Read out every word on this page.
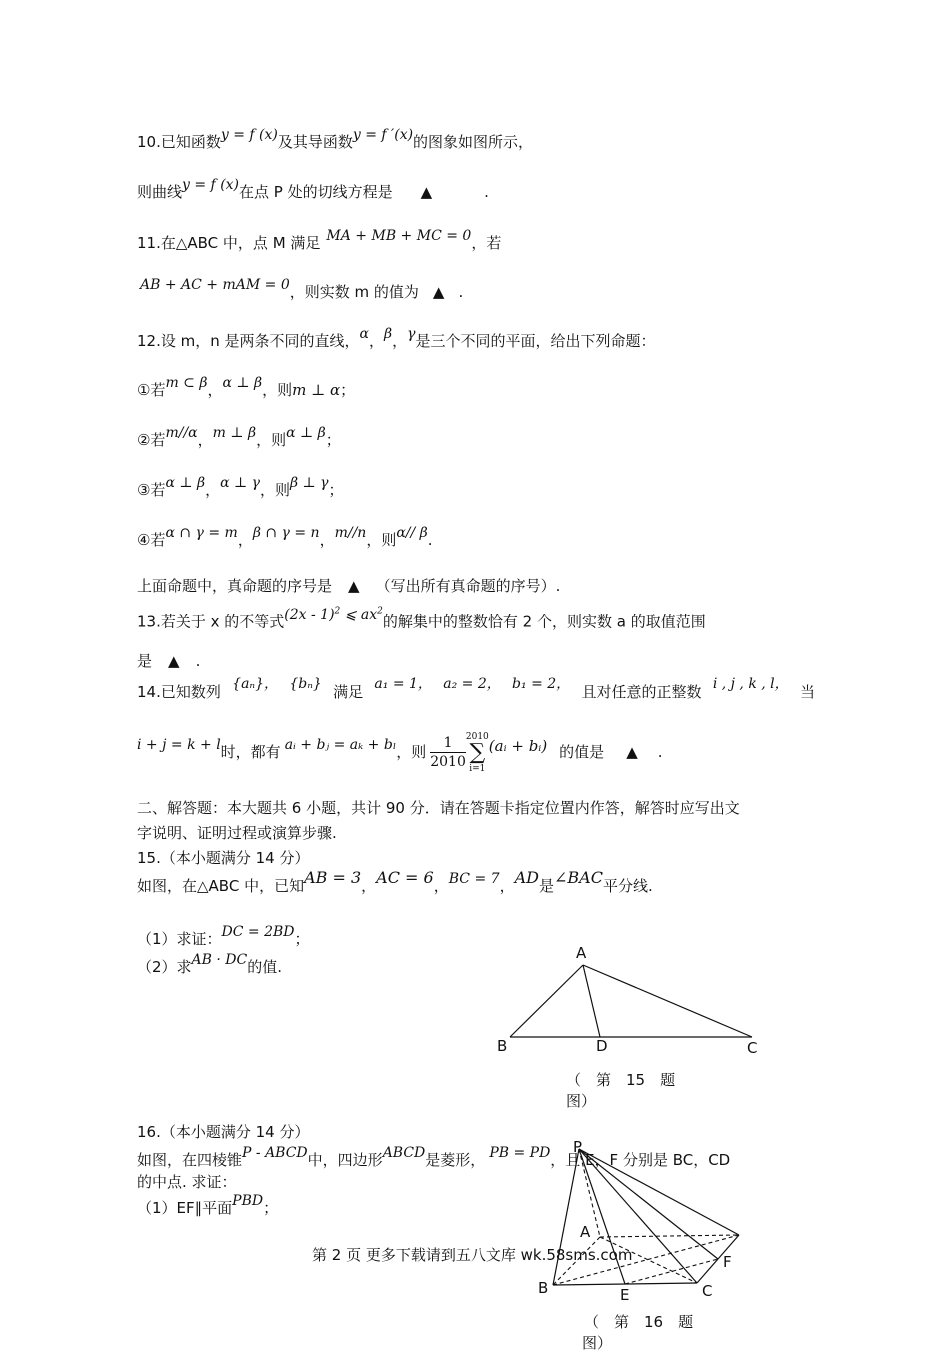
10.已知函数y = f (x)及其导函数y = f ′(x)的图象如图所示，
则曲线y = f (x)在点 P 处的切线方程是 ▲	.
11.在△ABC 中，点 M 满足 MA + MB + MC = 0，若
AB + AC + mAM = 0，则实数 m 的值为 ▲ .
12.设 m，n 是两条不同的直线，α，β，γ是三个不同的平面，给出下列命题：
①若m ⊂ β，α ⊥ β，则m ⊥ α；
②若m//α，m ⊥ β，则α ⊥ β；
③若α ⊥ β，α ⊥ γ，则β ⊥ γ；
④若α ∩ γ = m，β ∩ γ = n，m//n，则α// β.
上面命题中，真命题的序号是 ▲ （写出所有真命题的序号）.
13.若关于 x 的不等式(2x - 1)$^2$ ⩽ $ax^2$的解集中的整数恰有 2 个，则实数 a 的取值范围
是 ▲ .
14.已知数列 {aₙ}， {bₙ} 满足 a₁ = 1， a₂ = 2， b₁ = 2， 且对任意的正整数 i , j , k , l， 当
i + j = k + l时，都有 aᵢ + bⱼ = aₖ + bₗ，则 $\frac{1}{2010} 2010$
∑
i=1
(aᵢ + bᵢ) 的值是 ▲ .
二、解答题：本大题共 6 小题，共计 90 分．请在答题卡指定位置内作答，解答时应写出文
字说明、证明过程或演算步骤.
15.（本小题满分 14 分）
如图，在△ABC 中，已知AB = 3，AC = 6，BC = 7，AD是∠BAC平分线.
（1）求证：DC = 2BD；
（2）求AB · DC的值.
A
B	D	C
（　第　15　题
图）
16.（本小题满分 14 分）
如图，在四棱锥P - ABCD中，四边形ABCD是菱形， PB = PD，且 E，F 分别是 BC，CD
的中点. 求证：
（1）EF∥平面PBD；
P
A
B	E	C
F
（　第　16　题
图）
第 2 页 更多下载请到五八文库 wk.58sms.com
